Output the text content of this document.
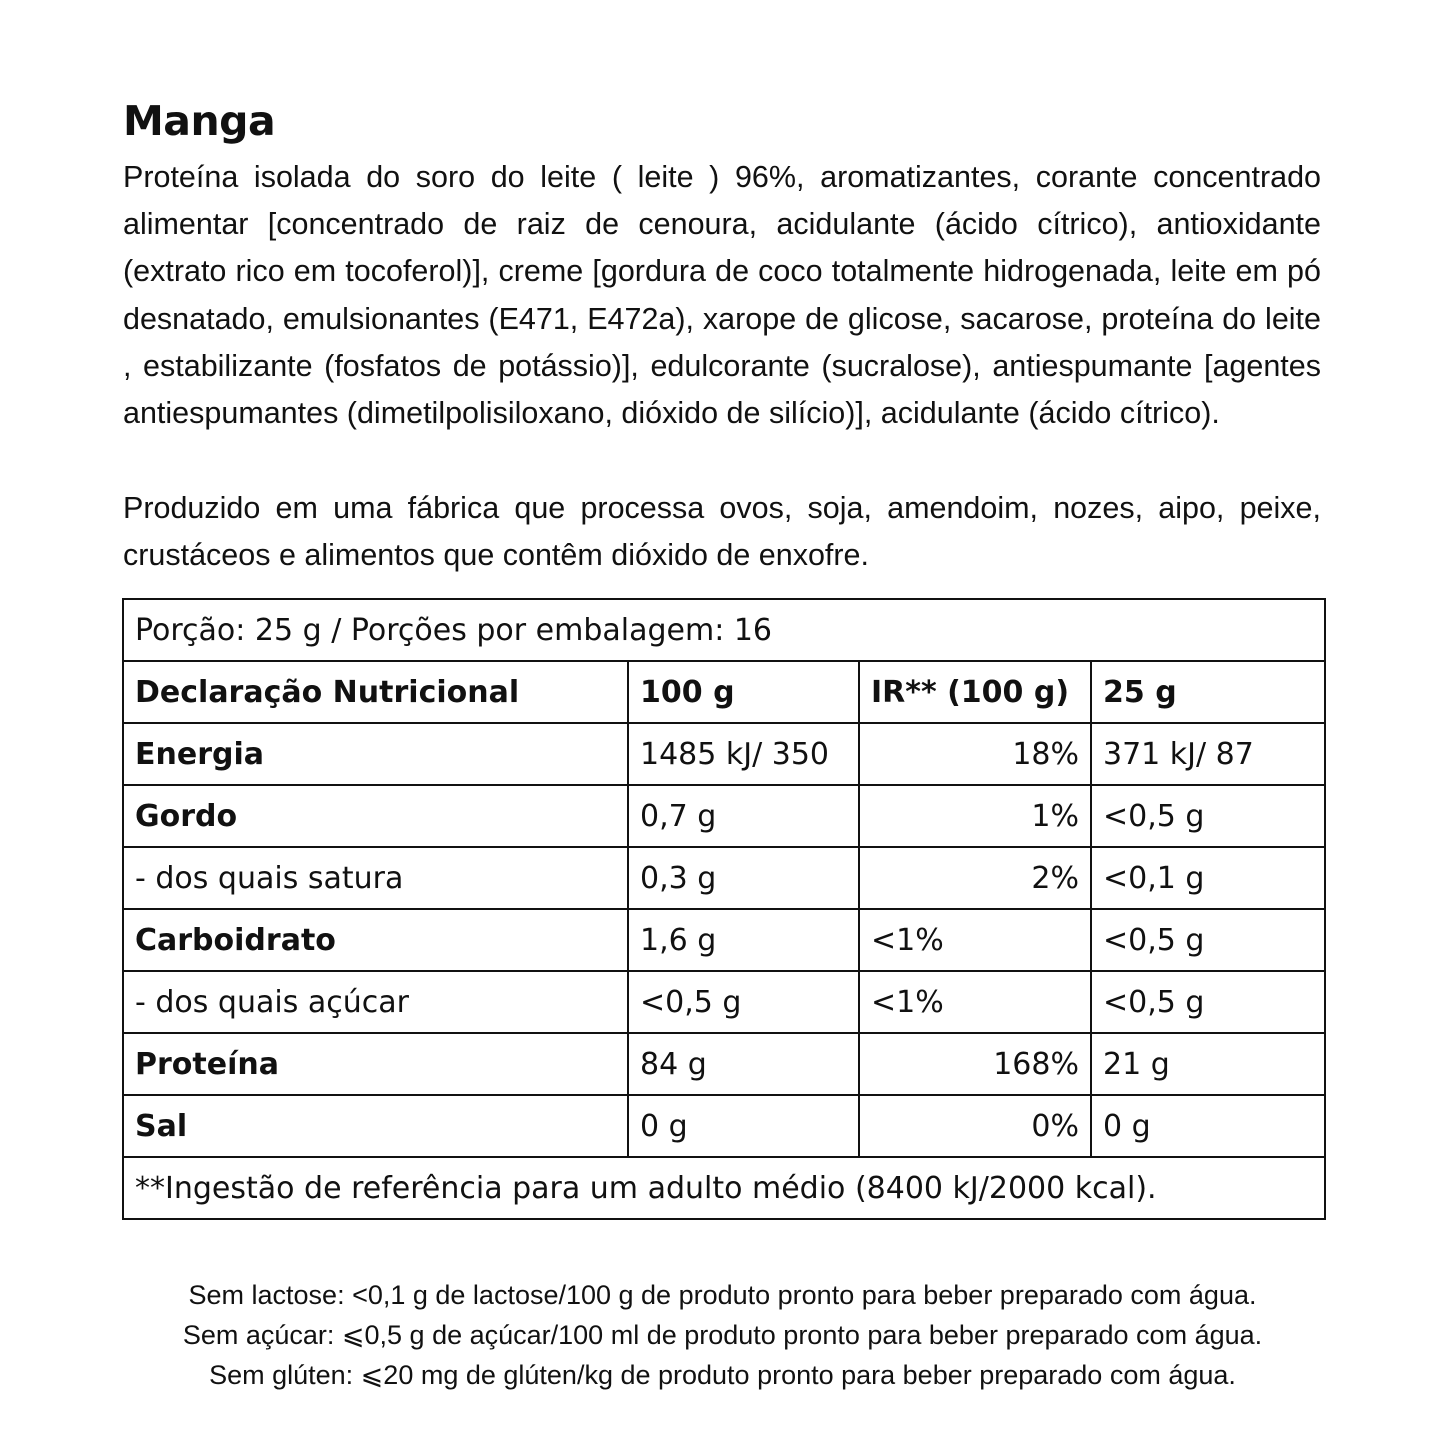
Manga

Proteína isolada do soro do leite ( leite ) 96%, aromatizantes, corante concentrado alimentar [concentrado de raiz de cenoura, acidulante (ácido cítrico), antioxidante (extrato rico em tocoferol)], creme [gordura de coco totalmente hidrogenada, leite em pó desnatado, emulsionantes (E471, E472a), xarope de glicose, sacarose, proteína do leite , estabilizante (fosfatos de potássio)], edulcorante (sucralose), antiespumante [agentes antiespumantes (dimetilpolisiloxano, dióxido de silício)], acidulante (ácido cítrico).

Produzido em uma fábrica que processa ovos, soja, amendoim, nozes, aipo, peixe, crustáceos e alimentos que contêm dióxido de enxofre.

Porção: 25 g / Porções por embalagem: 16			
Declaração Nutricional	100 g	IR** (100 g)	25 g
Energia	1485 kJ/ 350	18%	371 kJ/ 87
Gordo	0,7 g	1%	<0,5 g
- dos quais satura	0,3 g	2%	<0,1 g
Carboidrato	1,6 g	<1%	<0,5 g
- dos quais açúcar	<0,5 g	<1%	<0,5 g
Proteína	84 g	168%	21 g
Sal	0 g	0%	0 g
**Ingestão de referência para um adulto médio (8400 kJ/2000 kcal).			
Sem lactose: <0,1 g de lactose/100 g de produto pronto para beber preparado com água.
Sem açúcar: ⩽0,5 g de açúcar/100 ml de produto pronto para beber preparado com água.
Sem glúten: ⩽20 mg de glúten/kg de produto pronto para beber preparado com água.
